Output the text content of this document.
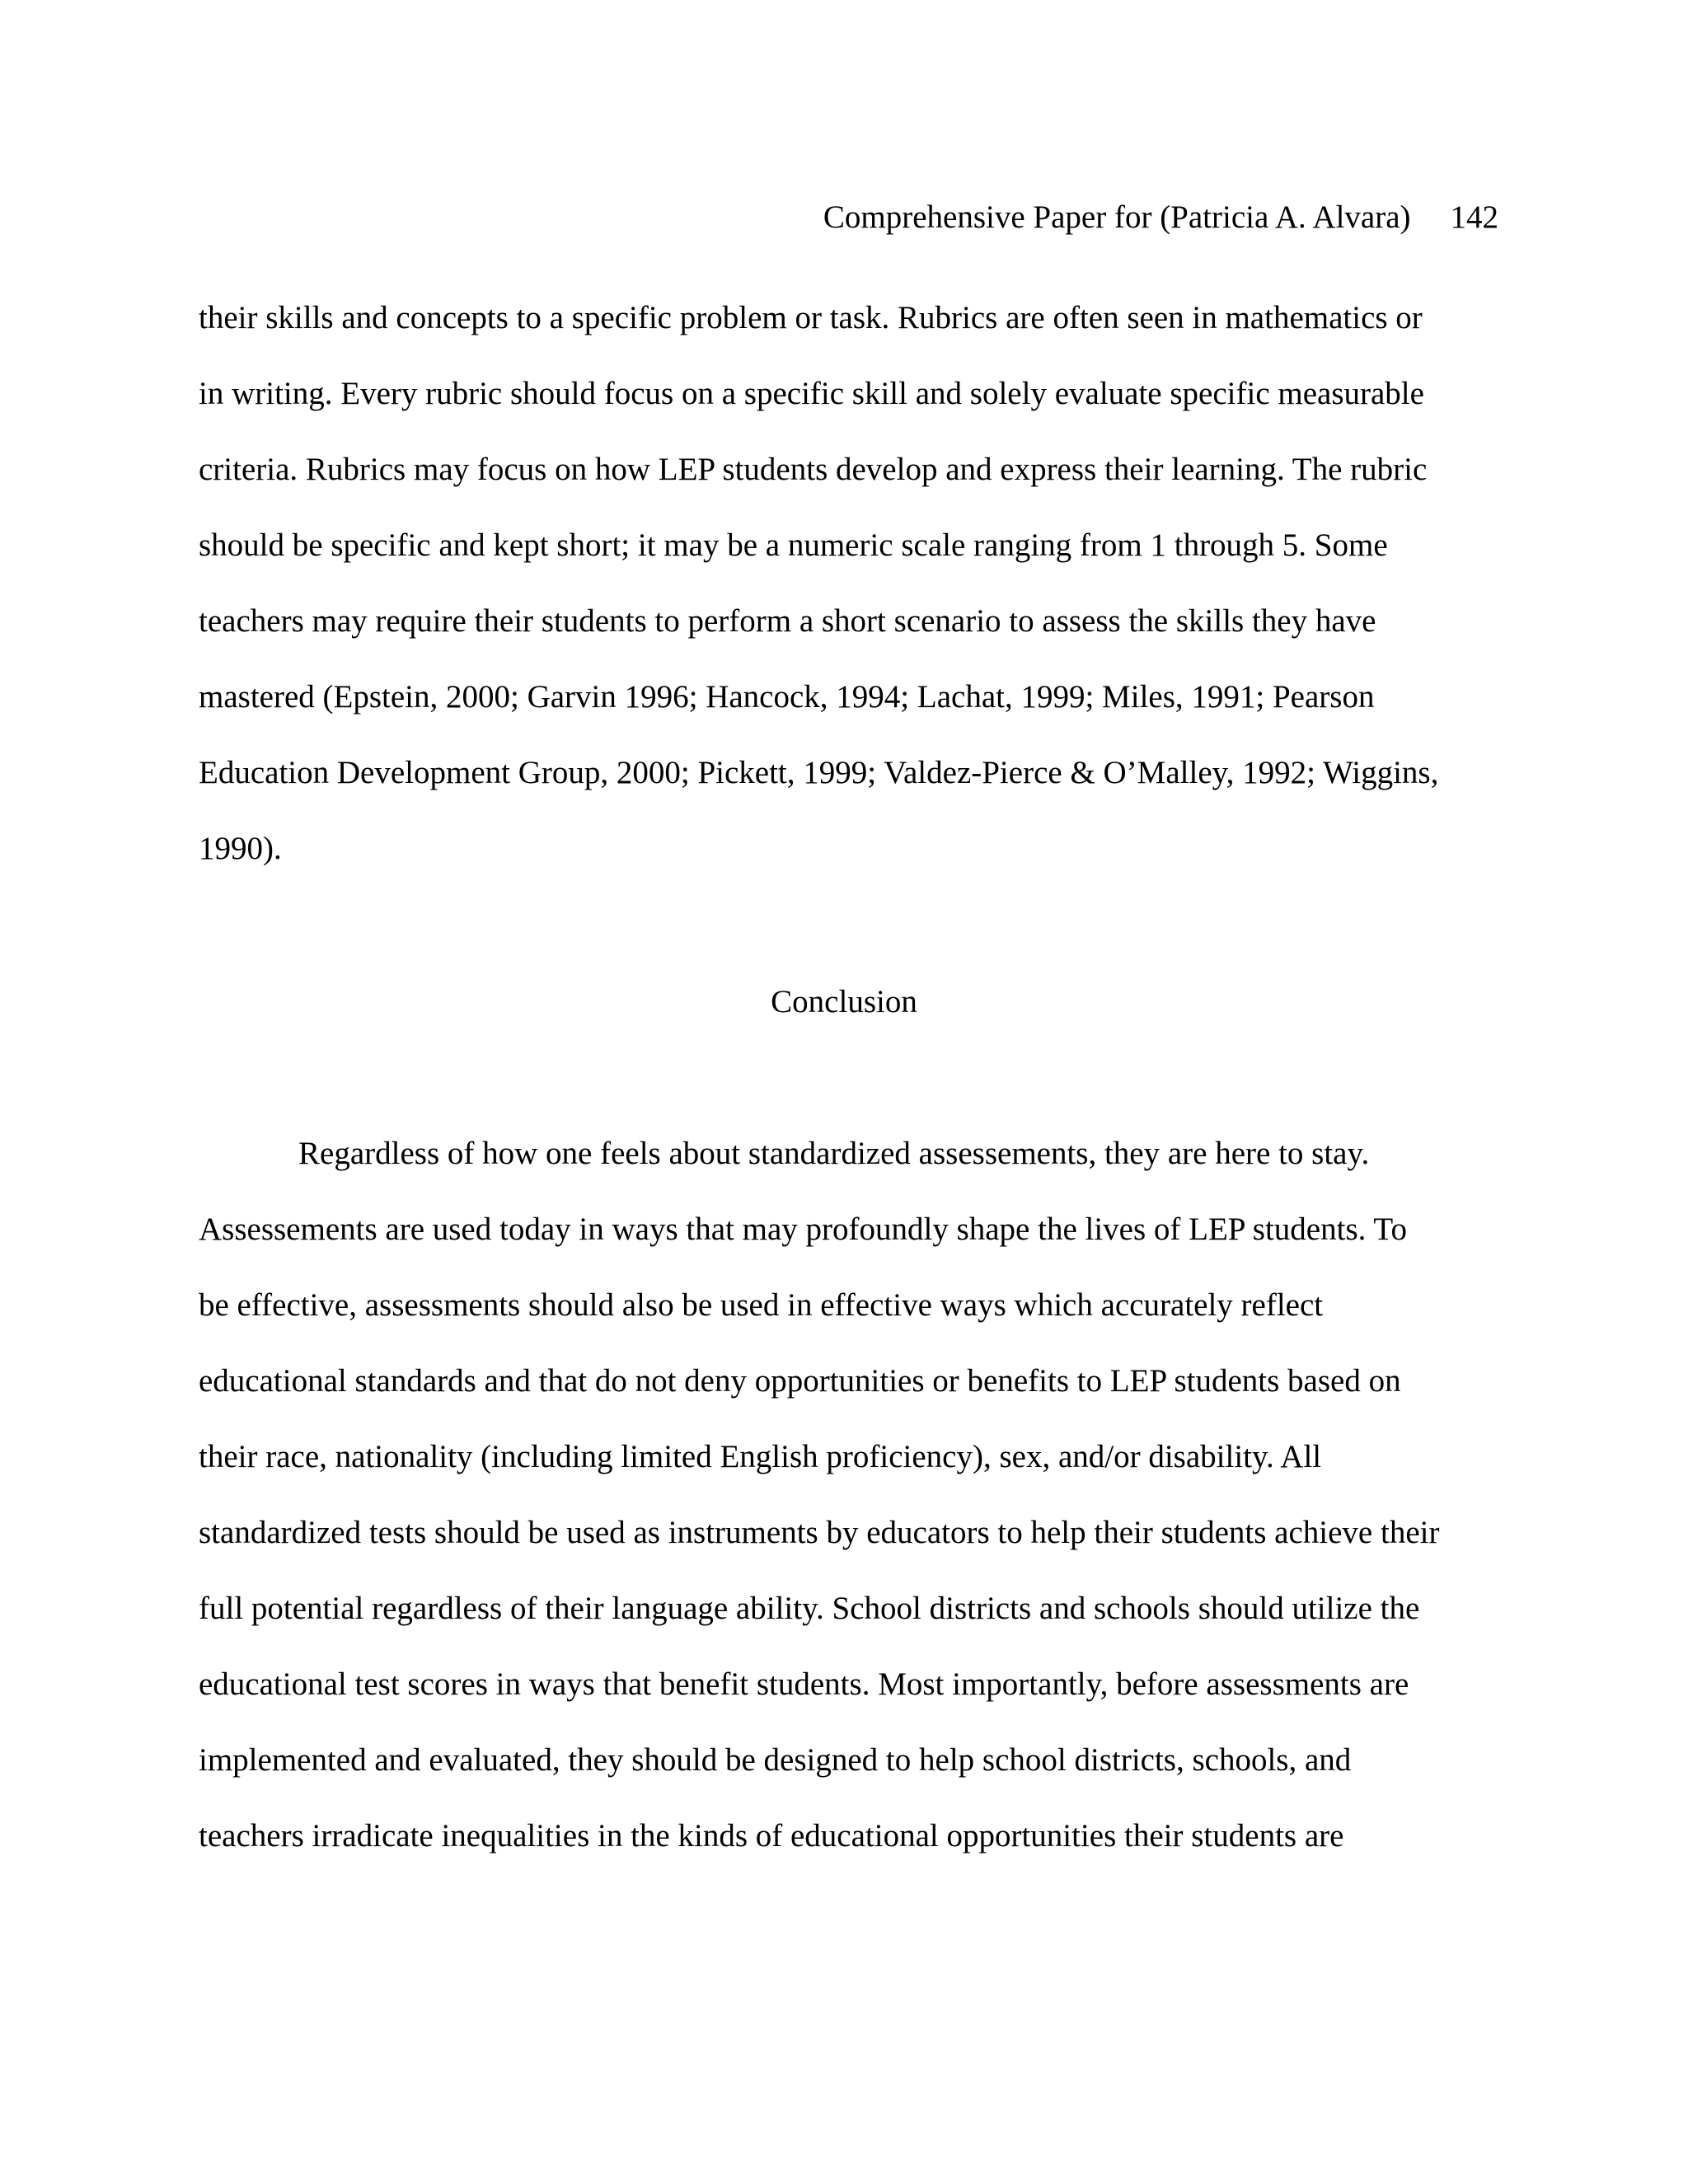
Comprehensive Paper for (Patricia A. Alvara) 142
their skills and concepts to a specific problem or task. Rubrics are often seen in mathematics or
in writing. Every rubric should focus on a specific skill and solely evaluate specific measurable
criteria. Rubrics may focus on how LEP students develop and express their learning. The rubric
should be specific and kept short; it may be a numeric scale ranging from 1 through 5. Some
teachers may require their students to perform a short scenario to assess the skills they have
mastered (Epstein, 2000; Garvin 1996; Hancock, 1994; Lachat, 1999; Miles, 1991; Pearson
Education Development Group, 2000; Pickett, 1999; Valdez-Pierce & O’Malley, 1992; Wiggins,
1990).
Conclusion
Regardless of how one feels about standardized assessements, they are here to stay.
Assessements are used today in ways that may profoundly shape the lives of LEP students. To
be effective, assessments should also be used in effective ways which accurately reflect
educational standards and that do not deny opportunities or benefits to LEP students based on
their race, nationality (including limited English proficiency), sex, and/or disability. All
standardized tests should be used as instruments by educators to help their students achieve their
full potential regardless of their language ability. School districts and schools should utilize the
educational test scores in ways that benefit students. Most importantly, before assessments are
implemented and evaluated, they should be designed to help school districts, schools, and
teachers irradicate inequalities in the kinds of educational opportunities their students are
